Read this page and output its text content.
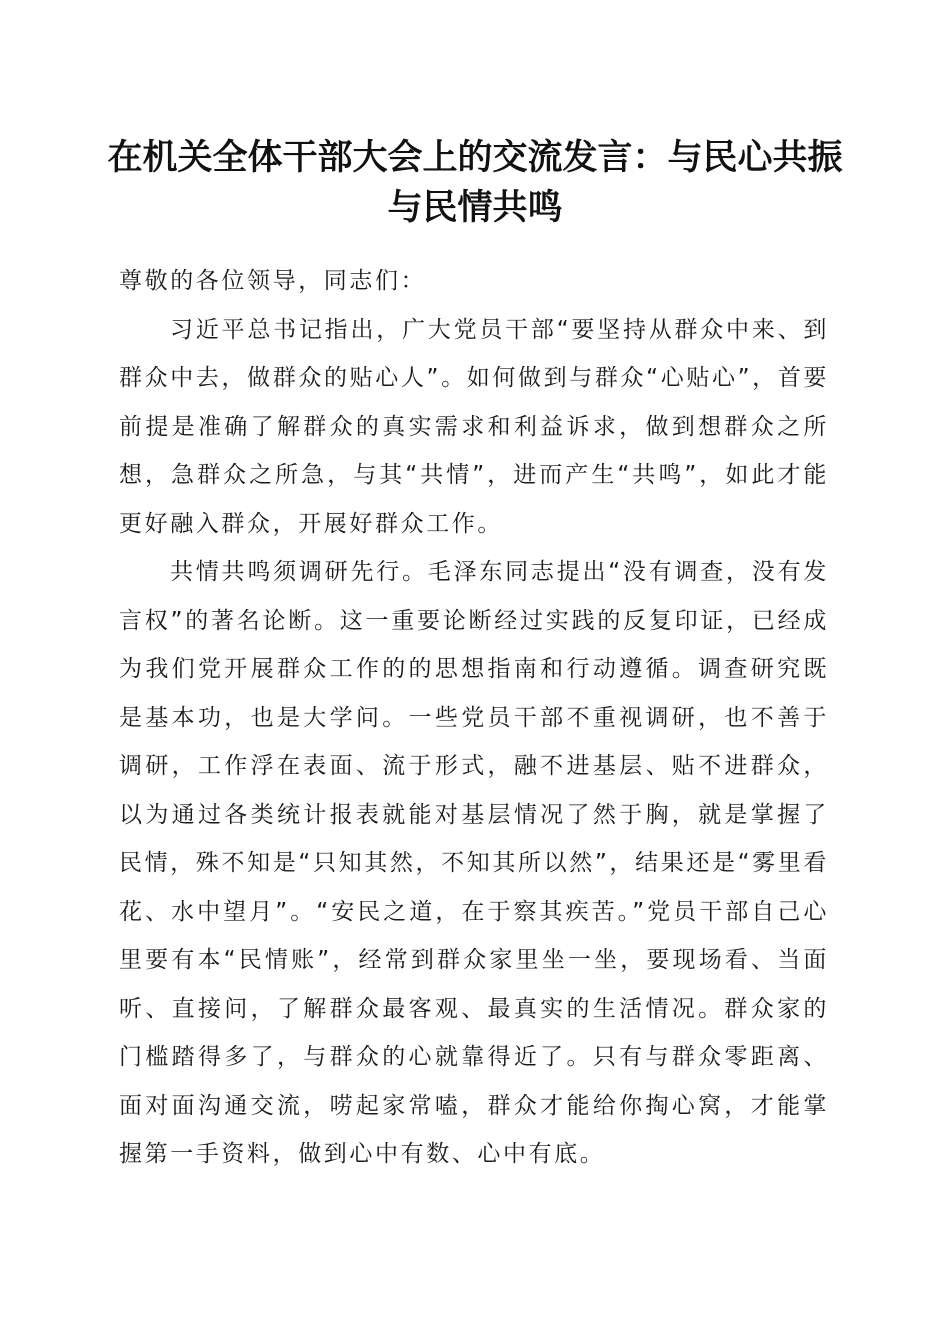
在机关全体干部大会上的交流发言：与民心共振与民情共鸣

尊敬的各位领导，同志们：

习近平总书记指出，广大党员干部“要坚持从群众中来、到群众中去，做群众的贴心人”。如何做到与群众“心贴心”，首要前提是准确了解群众的真实需求和利益诉求，做到想群众之所想，急群众之所急，与其“共情”，进而产生“共鸣”，如此才能更好融入群众，开展好群众工作。

共情共鸣须调研先行。毛泽东同志提出“没有调查，没有发言权”的著名论断。这一重要论断经过实践的反复印证，已经成为我们党开展群众工作的的思想指南和行动遵循。调查研究既是基本功，也是大学问。一些党员干部不重视调研，也不善于调研，工作浮在表面、流于形式，融不进基层、贴不进群众，以为通过各类统计报表就能对基层情况了然于胸，就是掌握了民情，殊不知是“只知其然，不知其所以然”，结果还是“雾里看花、水中望月”。“安民之道，在于察其疾苦。”党员干部自己心里要有本“民情账”，经常到群众家里坐一坐，要现场看、当面听、直接问，了解群众最客观、最真实的生活情况。群众家的门槛踏得多了，与群众的心就靠得近了。只有与群众零距离、面对面沟通交流，唠起家常嗑，群众才能给你掏心窝，才能掌握第一手资料，做到心中有数、心中有底。
